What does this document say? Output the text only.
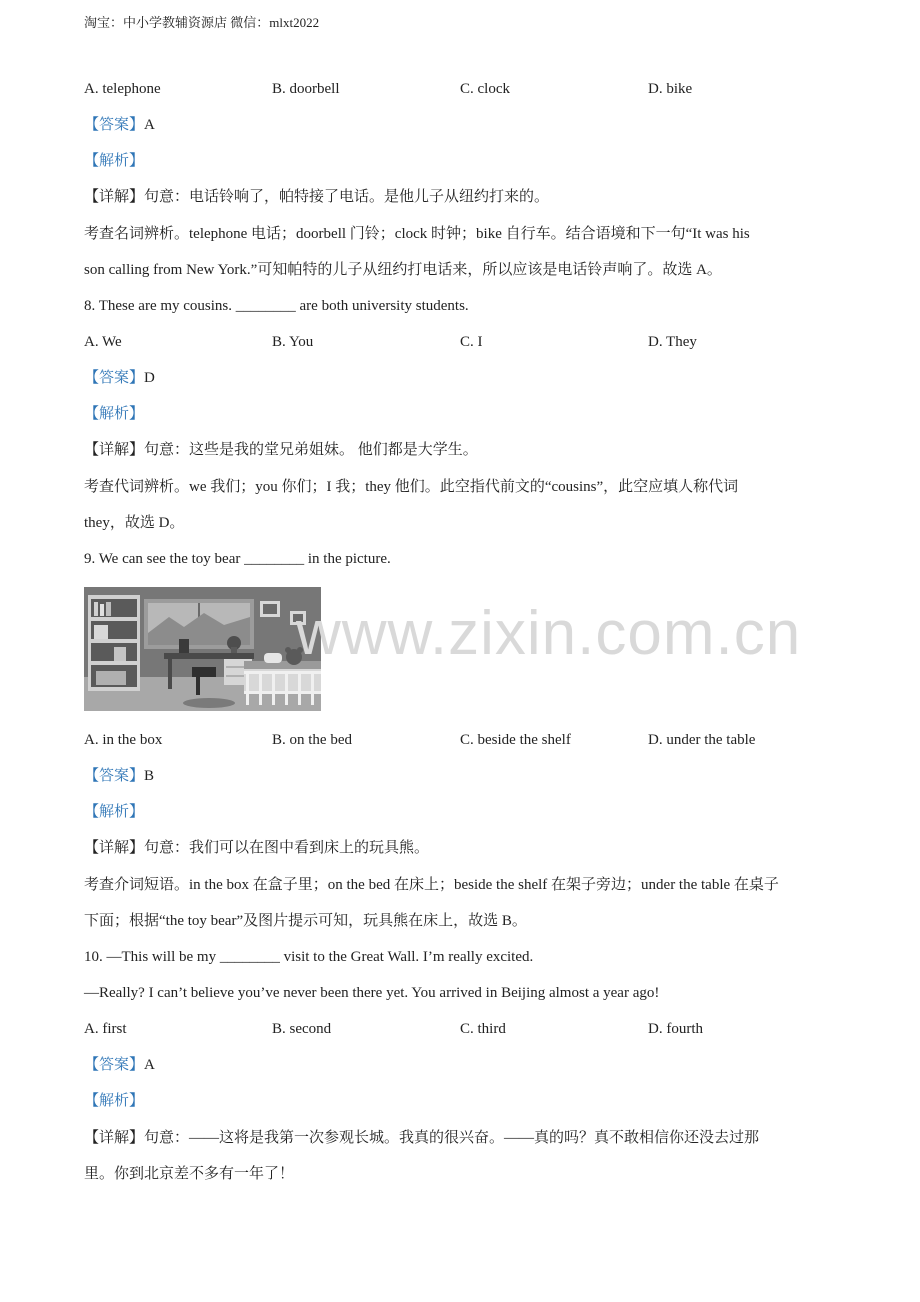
淘宝：中小学教辅资源店 微信：mlxt2022
A. telephone	B. doorbell	C. clock	D. bike
【答案】A
【解析】
【详解】句意：电话铃响了，帕特接了电话。是他儿子从纽约打来的。
考查名词辨析。telephone 电话；doorbell 门铃；clock 时钟；bike 自行车。结合语境和下一句“It was his
son calling from New York.”可知帕特的儿子从纽约打电话来，所以应该是电话铃声响了。故选 A。
8. These are my cousins. ________ are both university students.
A. We	B. You	C. I	D. They
【答案】D
【解析】
【详解】句意：这些是我的堂兄弟姐妹。 他们都是大学生。
考查代词辨析。we 我们；you 你们；I 我；they 他们。此空指代前文的“cousins”，此空应填人称代词
they，故选 D。
9. We can see the toy bear ________ in the picture.
www.zixin.com.cn
A. in the box	B. on the bed	C. beside the shelf	D. under the table
【答案】B
【解析】
【详解】句意：我们可以在图中看到床上的玩具熊。
考查介词短语。in the box 在盒子里；on the bed 在床上；beside the shelf 在架子旁边；under the table 在桌子
下面；根据“the toy bear”及图片提示可知，玩具熊在床上，故选 B。
10. —This will be my ________ visit to the Great Wall. I’m really excited.
—Really? I can’t believe you’ve never been there yet. You arrived in Beijing almost a year ago!
A. first	B. second	C. third	D. fourth
【答案】A
【解析】
【详解】句意：——这将是我第一次参观长城。我真的很兴奋。——真的吗？真不敢相信你还没去过那
里。你到北京差不多有一年了！
